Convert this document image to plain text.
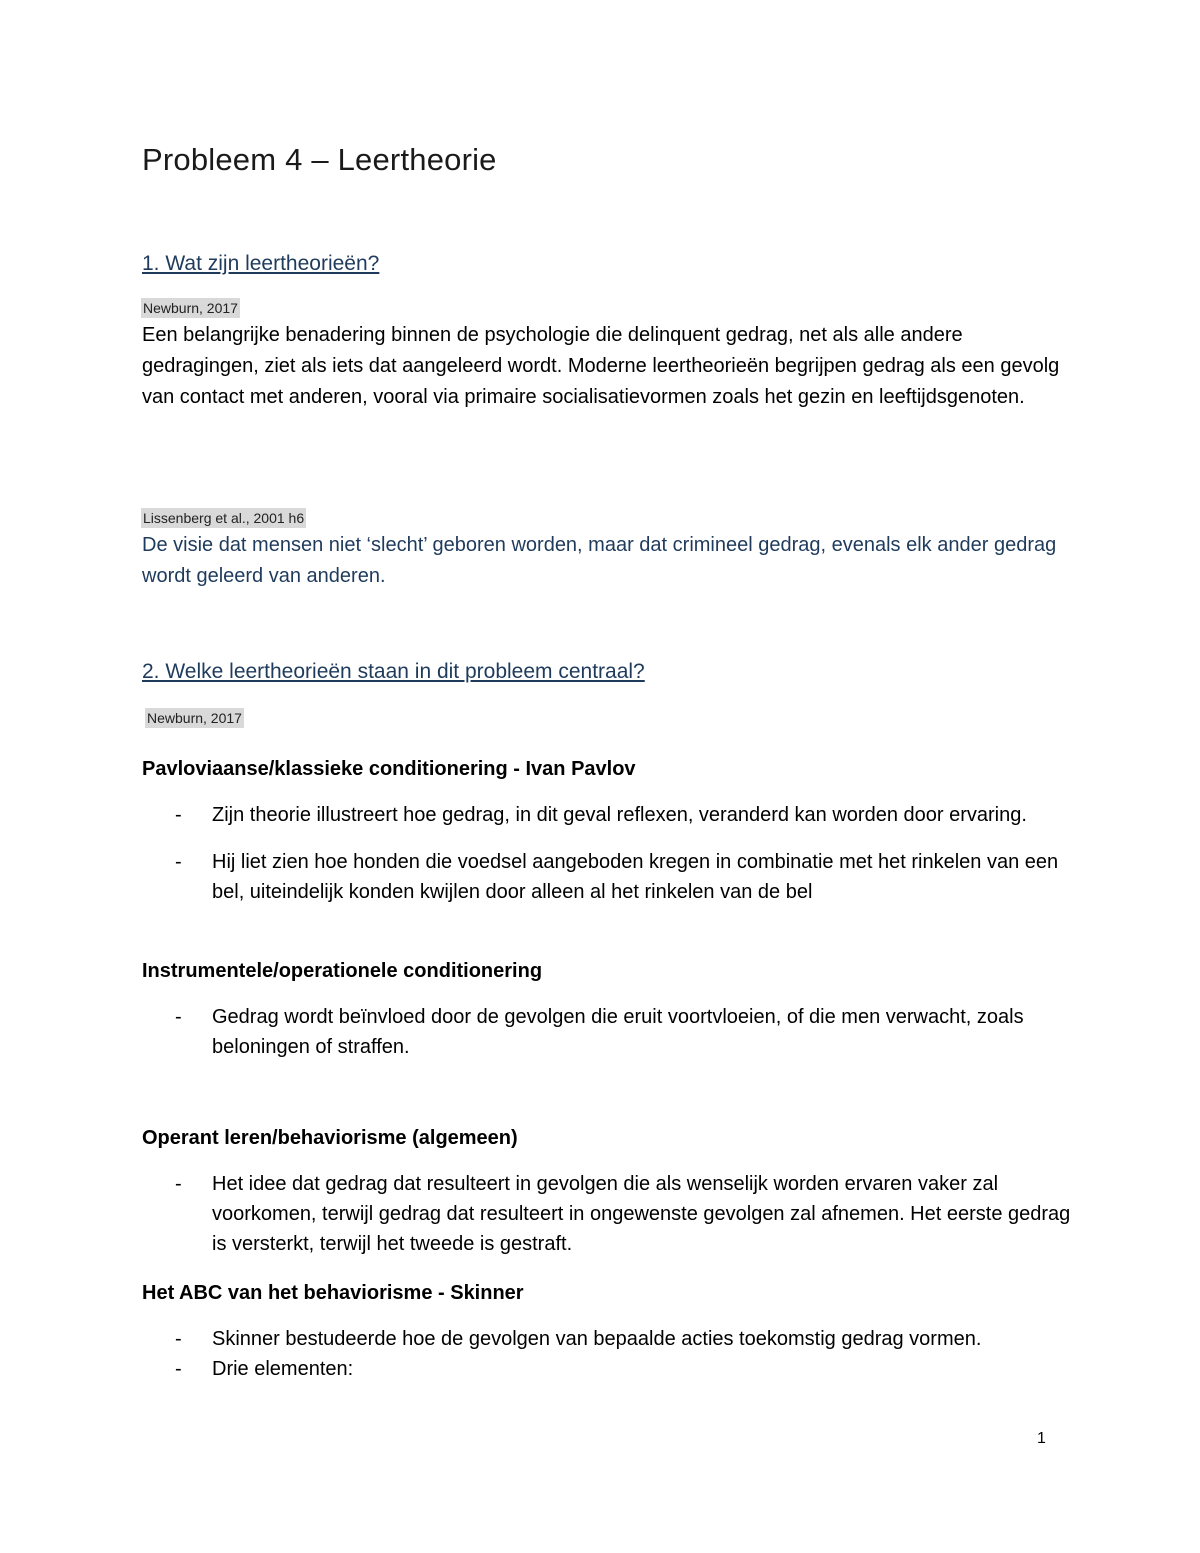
Probleem 4 – Leertheorie
1. Wat zijn leertheorieën?
Newburn, 2017

Een belangrijke benadering binnen de psychologie die delinquent gedrag, net als alle andere gedragingen, ziet als iets dat aangeleerd wordt. Moderne leertheorieën begrijpen gedrag als een gevolg van contact met anderen, vooral via primaire socialisatievormen zoals het gezin en leeftijdsgenoten.

Lissenberg et al., 2001 h6

De visie dat mensen niet ‘slecht’ geboren worden, maar dat crimineel gedrag, evenals elk ander gedrag wordt geleerd van anderen.

2. Welke leertheorieën staan in dit probleem centraal?
Newburn, 2017
Pavloviaanse/klassieke conditionering - Ivan Pavlov
- Zijn theorie illustreert hoe gedrag, in dit geval reflexen, veranderd kan worden door ervaring.
- Hij liet zien hoe honden die voedsel aangeboden kregen in combinatie met het rinkelen van een bel, uiteindelijk konden kwijlen door alleen al het rinkelen van de bel
Instrumentele/operationele conditionering
- Gedrag wordt beïnvloed door de gevolgen die eruit voortvloeien, of die men verwacht, zoals beloningen of straffen.
Operant leren/behaviorisme (algemeen)
- Het idee dat gedrag dat resulteert in gevolgen die als wenselijk worden ervaren vaker zal voorkomen, terwijl gedrag dat resulteert in ongewenste gevolgen zal afnemen. Het eerste gedrag is versterkt, terwijl het tweede is gestraft.
Het ABC van het behaviorisme - Skinner
- Skinner bestudeerde hoe de gevolgen van bepaalde acties toekomstig gedrag vormen.
- Drie elementen:
1
